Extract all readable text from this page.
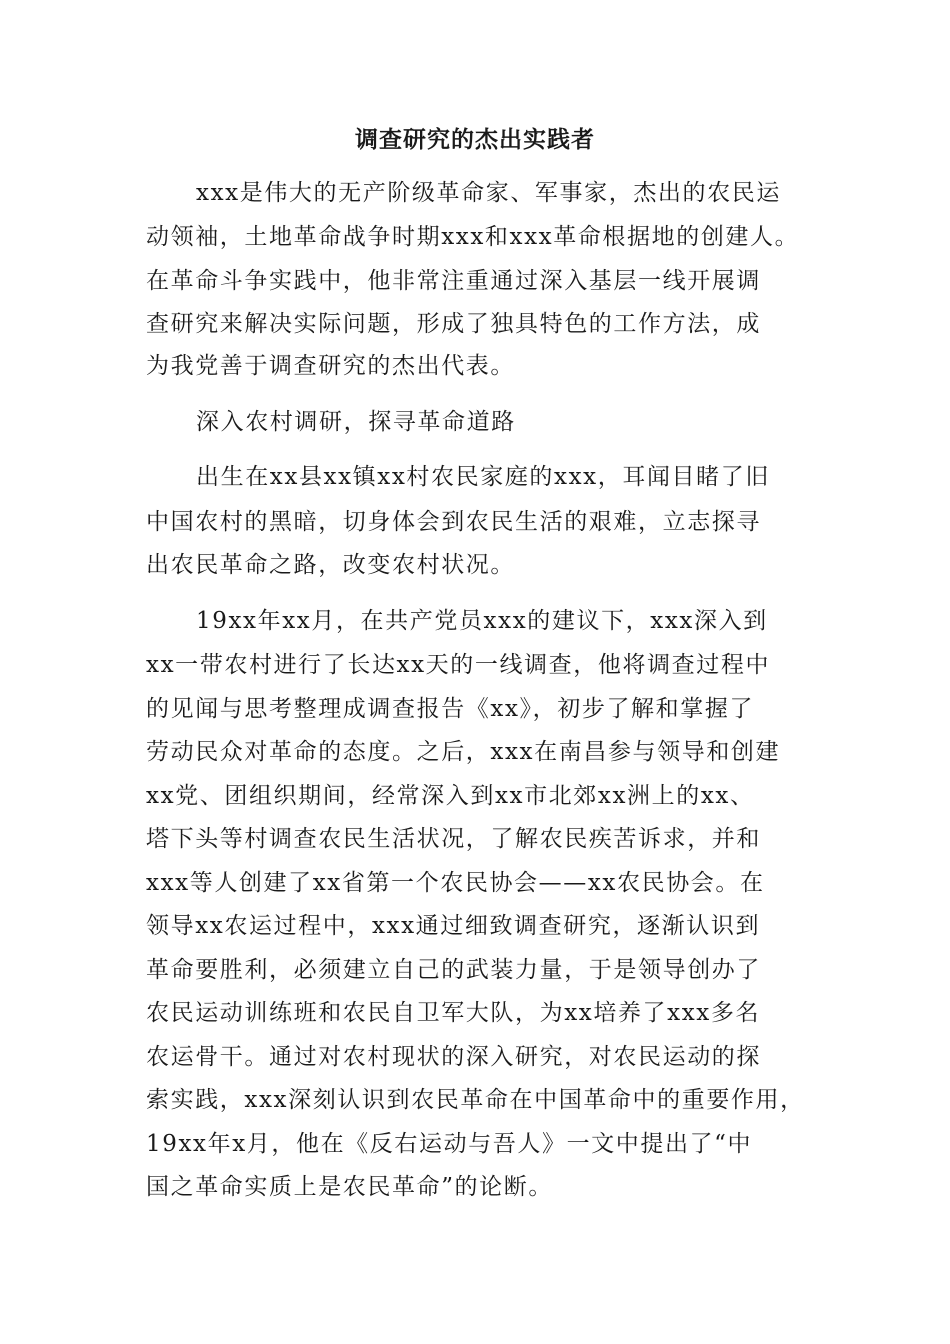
调查研究的杰出实践者
xxx是伟大的无产阶级革命家、军事家，杰出的农民运
动领袖，土地革命战争时期xxx和xxx革命根据地的创建人。
在革命斗争实践中，他非常注重通过深入基层一线开展调
查研究来解决实际问题，形成了独具特色的工作方法，成
为我党善于调查研究的杰出代表。
深入农村调研，探寻革命道路
出生在xx县xx镇xx村农民家庭的xxx，耳闻目睹了旧
中国农村的黑暗，切身体会到农民生活的艰难，立志探寻
出农民革命之路，改变农村状况。
19xx年xx月，在共产党员xxx的建议下，xxx深入到
xx一带农村进行了长达xx天的一线调查，他将调查过程中
的见闻与思考整理成调查报告《xx》，初步了解和掌握了
劳动民众对革命的态度。之后，xxx在南昌参与领导和创建
xx党、团组织期间，经常深入到xx市北郊xx洲上的xx、
塔下头等村调查农民生活状况，了解农民疾苦诉求，并和
xxx等人创建了xx省第一个农民协会——xx农民协会。在
领导xx农运过程中，xxx通过细致调查研究，逐渐认识到
革命要胜利，必须建立自己的武装力量，于是领导创办了
农民运动训练班和农民自卫军大队，为xx培养了xxx多名
农运骨干。通过对农村现状的深入研究，对农民运动的探
索实践，xxx深刻认识到农民革命在中国革命中的重要作用，
19xx年x月，他在《反右运动与吾人》一文中提出了“中
国之革命实质上是农民革命”的论断。
